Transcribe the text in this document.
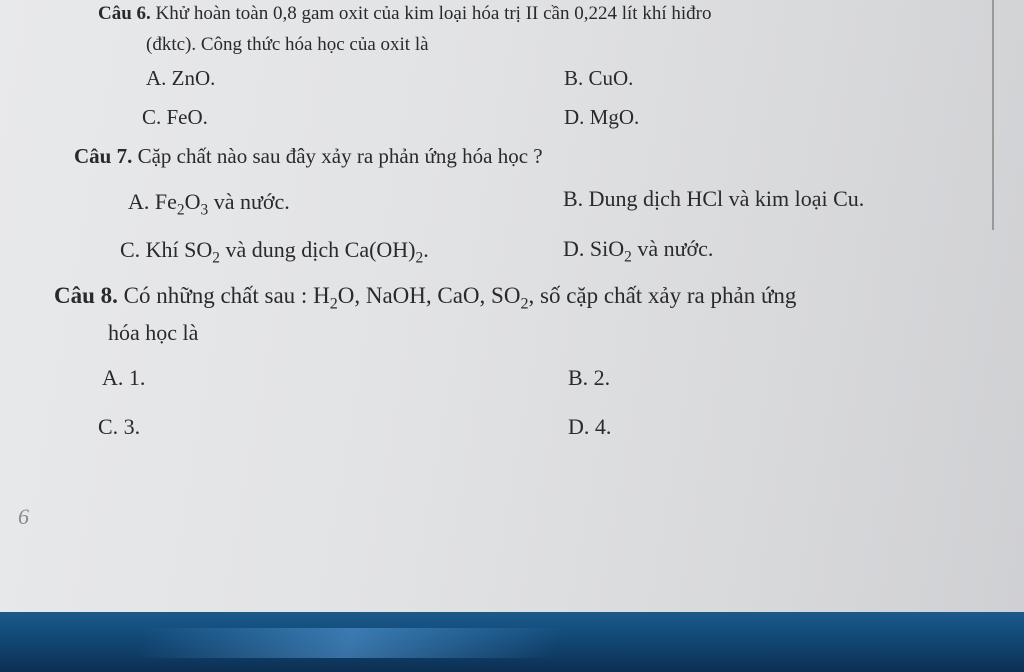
Câu 6. Khử hoàn toàn 0,8 gam oxit của kim loại hóa trị II cần 0,224 lít khí hiđro
(đktc). Công thức hóa học của oxit là
A. ZnO.	B. CuO.
C. FeO.	D. MgO.
Câu 7. Cặp chất nào sau đây xảy ra phản ứng hóa học ?
A. $Fe_2O_3$ và nước.	B. Dung dịch HCl và kim loại Cu.
C. Khí $SO_2$ và dung dịch $Ca(OH)_2$.	D. SiO$_2$ và nước.
Câu 8. Có những chất sau : $H_2O$, NaOH, CaO, $SO_2$, số cặp chất xảy ra phản ứng
hóa học là
A. 1.	B. 2.
C. 3.	D. 4.
6
